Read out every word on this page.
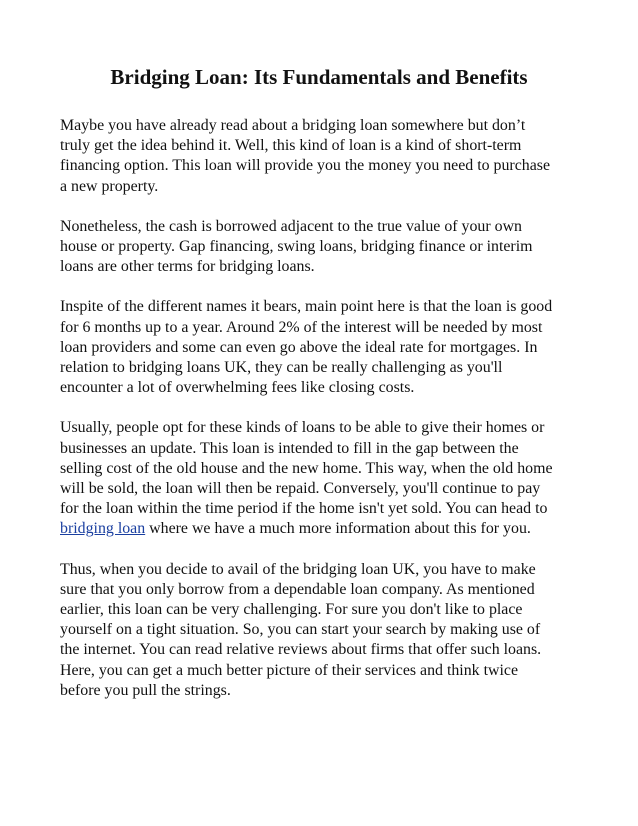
Bridging Loan: Its Fundamentals and Benefits

Maybe you have already read about a bridging loan somewhere but don’t
truly get the idea behind it. Well, this kind of loan is a kind of short-term
financing option. This loan will provide you the money you need to purchase
a new property.

Nonetheless, the cash is borrowed adjacent to the true value of your own
house or property. Gap financing, swing loans, bridging finance or interim
loans are other terms for bridging loans.

Inspite of the different names it bears, main point here is that the loan is good
for 6 months up to a year. Around 2% of the interest will be needed by most
loan providers and some can even go above the ideal rate for mortgages. In
relation to bridging loans UK, they can be really challenging as you'll
encounter a lot of overwhelming fees like closing costs.

Usually, people opt for these kinds of loans to be able to give their homes or
businesses an update. This loan is intended to fill in the gap between the
selling cost of the old house and the new home. This way, when the old home
will be sold, the loan will then be repaid. Conversely, you'll continue to pay
for the loan within the time period if the home isn't yet sold. You can head to
bridging loan where we have a much more information about this for you.

Thus, when you decide to avail of the bridging loan UK, you have to make
sure that you only borrow from a dependable loan company. As mentioned
earlier, this loan can be very challenging. For sure you don't like to place
yourself on a tight situation. So, you can start your search by making use of
the internet. You can read relative reviews about firms that offer such loans.
Here, you can get a much better picture of their services and think twice
before you pull the strings.
